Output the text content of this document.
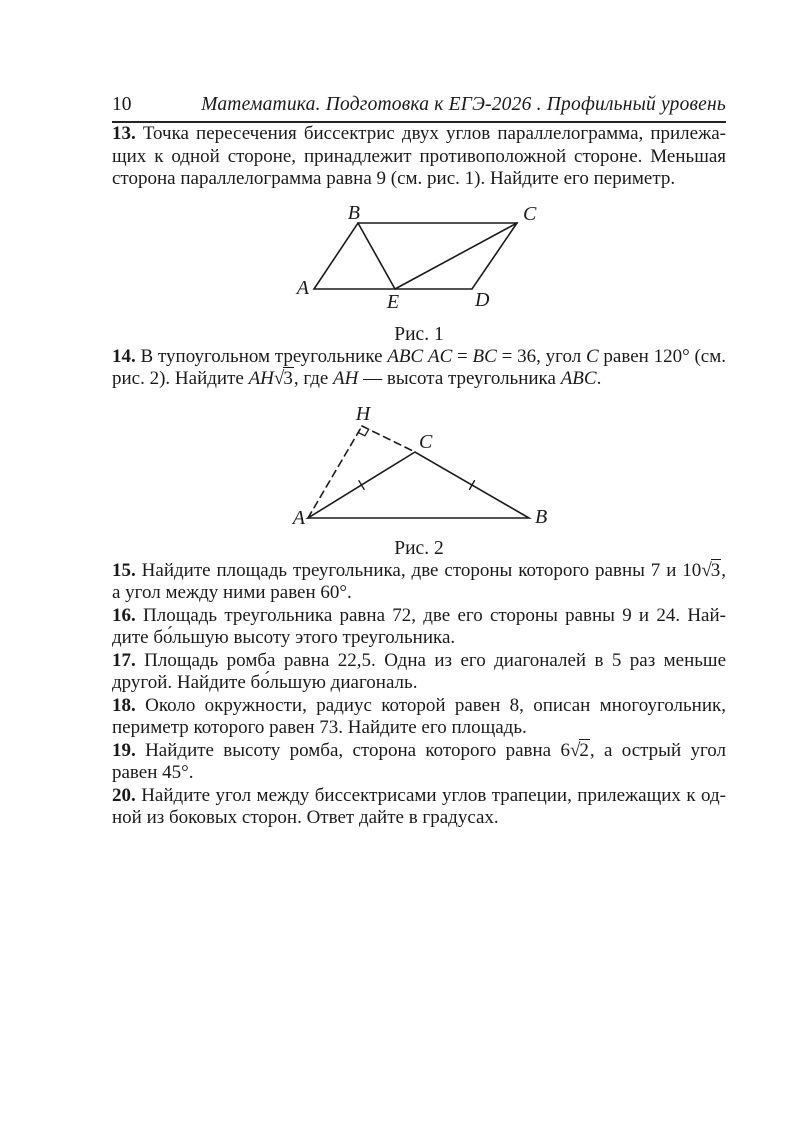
10	Математика. Подготовка к ЕГЭ-2026 . Профильный уровень

13. Точка пересечения биссектрис двух углов параллелограмма, прилежащих к одной стороне, принадлежит противоположной стороне. Меньшая сторона параллелограмма равна 9 (см. рис. 1). Найдите его периметр.

A
B	C
D
E
Рис. 1

14. В тупоугольном треугольнике ABC AC = BC = 36, угол C равен 120° (см. рис. 2). Найдите AH√3, где AH — высота треугольника ABC.

H
C
A	B
Рис. 2

15. Найдите площадь треугольника, две стороны которого равны 7 и 10√3, а угол между ними равен 60°.

16. Площадь треугольника равна 72, две его стороны равны 9 и 24. Найдите бо́льшую высоту этого треугольника.

17. Площадь ромба равна 22,5. Одна из его диагоналей в 5 раз меньше другой. Найдите бо́льшую диагональ.

18. Около окружности, радиус которой равен 8, описан многоугольник, периметр которого равен 73. Найдите его площадь.

19. Найдите высоту ромба, сторона которого равна 6√2, а острый угол равен 45°.

20. Найдите угол между биссектрисами углов трапеции, прилежащих к одной из боковых сторон. Ответ дайте в градусах.
